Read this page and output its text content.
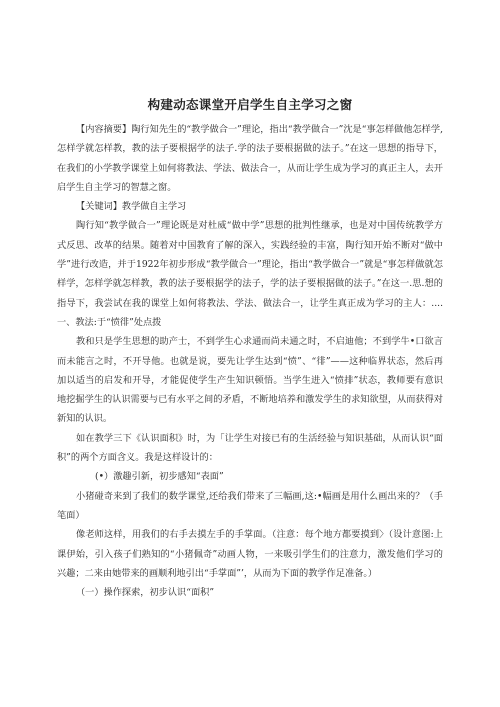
构建动态课堂开启学生自主学习之窗

【内容摘要】陶行知先生的“教学做合一”理论，指出“教学做合一”沈是“事怎样做他怎样学,怎样学就怎样教，教的法子要根据学的法子.学的法子要根据做的法子。”在这一思想的指导下，在我们的小学教学课堂上如何将教法、学法、做法合一，从而让学生成为学习的真正主人，去开启学生自主学习的智慧之窗。

【关键词】教学做自主学习

陶行知“教学做合一”理论既是对杜威“做中学”思想的批判性继承，也是对中国传统教学方式反思、改革的结果。随着对中国教育了解的深入，实践经验的丰富，陶行知开始不断对“做中学”进行改造，并于1922年初步形成“教学做合一”理论，指出“教学做合一”就是“事怎样做就怎样学，怎样学就怎样教，教的法子要根据学的法子，学的法子要根据做的法子。”在这一.思.想的指导下，我尝试在我的课堂上如何将教法、学法、做法合一，让学生真正成为学习的主人：....一、教法:于“愤徘”处点拨

教和只是学生思想的助产士，不到学生心求通而尚未通之时，不启迪他；不到学牛•口欲言而未能言之时，不开导他。也就是说，要先让学生达到“愤”、“徘”——这种临界状态，然后再加以适当的启发和开导，才能促使学生产生知识顿悟。当学生进入“愤排”状态，教师要有意识地挖掘学生的认识需要与已有水平之间的矛盾，不断地培养和激发学生的求知欲望，从而获得对新知的认识。

如在教学三下《认识面积》时，为「让学生对接已有的生活经验与知识基础，从而认识“面积”的两个方面含义。我是这样设计的：

(•）激趣引新，初步感知“表面”

小猪碰奇来到了我们的数学课堂,还给我们带来了三幅画,这:•幅画是用什么画出来的？（手笔面）

像老师这样，用我们的右手去摸左手的手掌面。（注意：每个地方都要摸到〉（设计意图:上课伊始，引入孩子们熟知的“小猪佩奇”动画人物，一来吸引学生们的注意力，激发他们学习的兴趣；二来由她带来的画顺利地引出“手掌面”’，从而为下面的教学作足准备。）

（一）操作探索，初步认识“面积”
